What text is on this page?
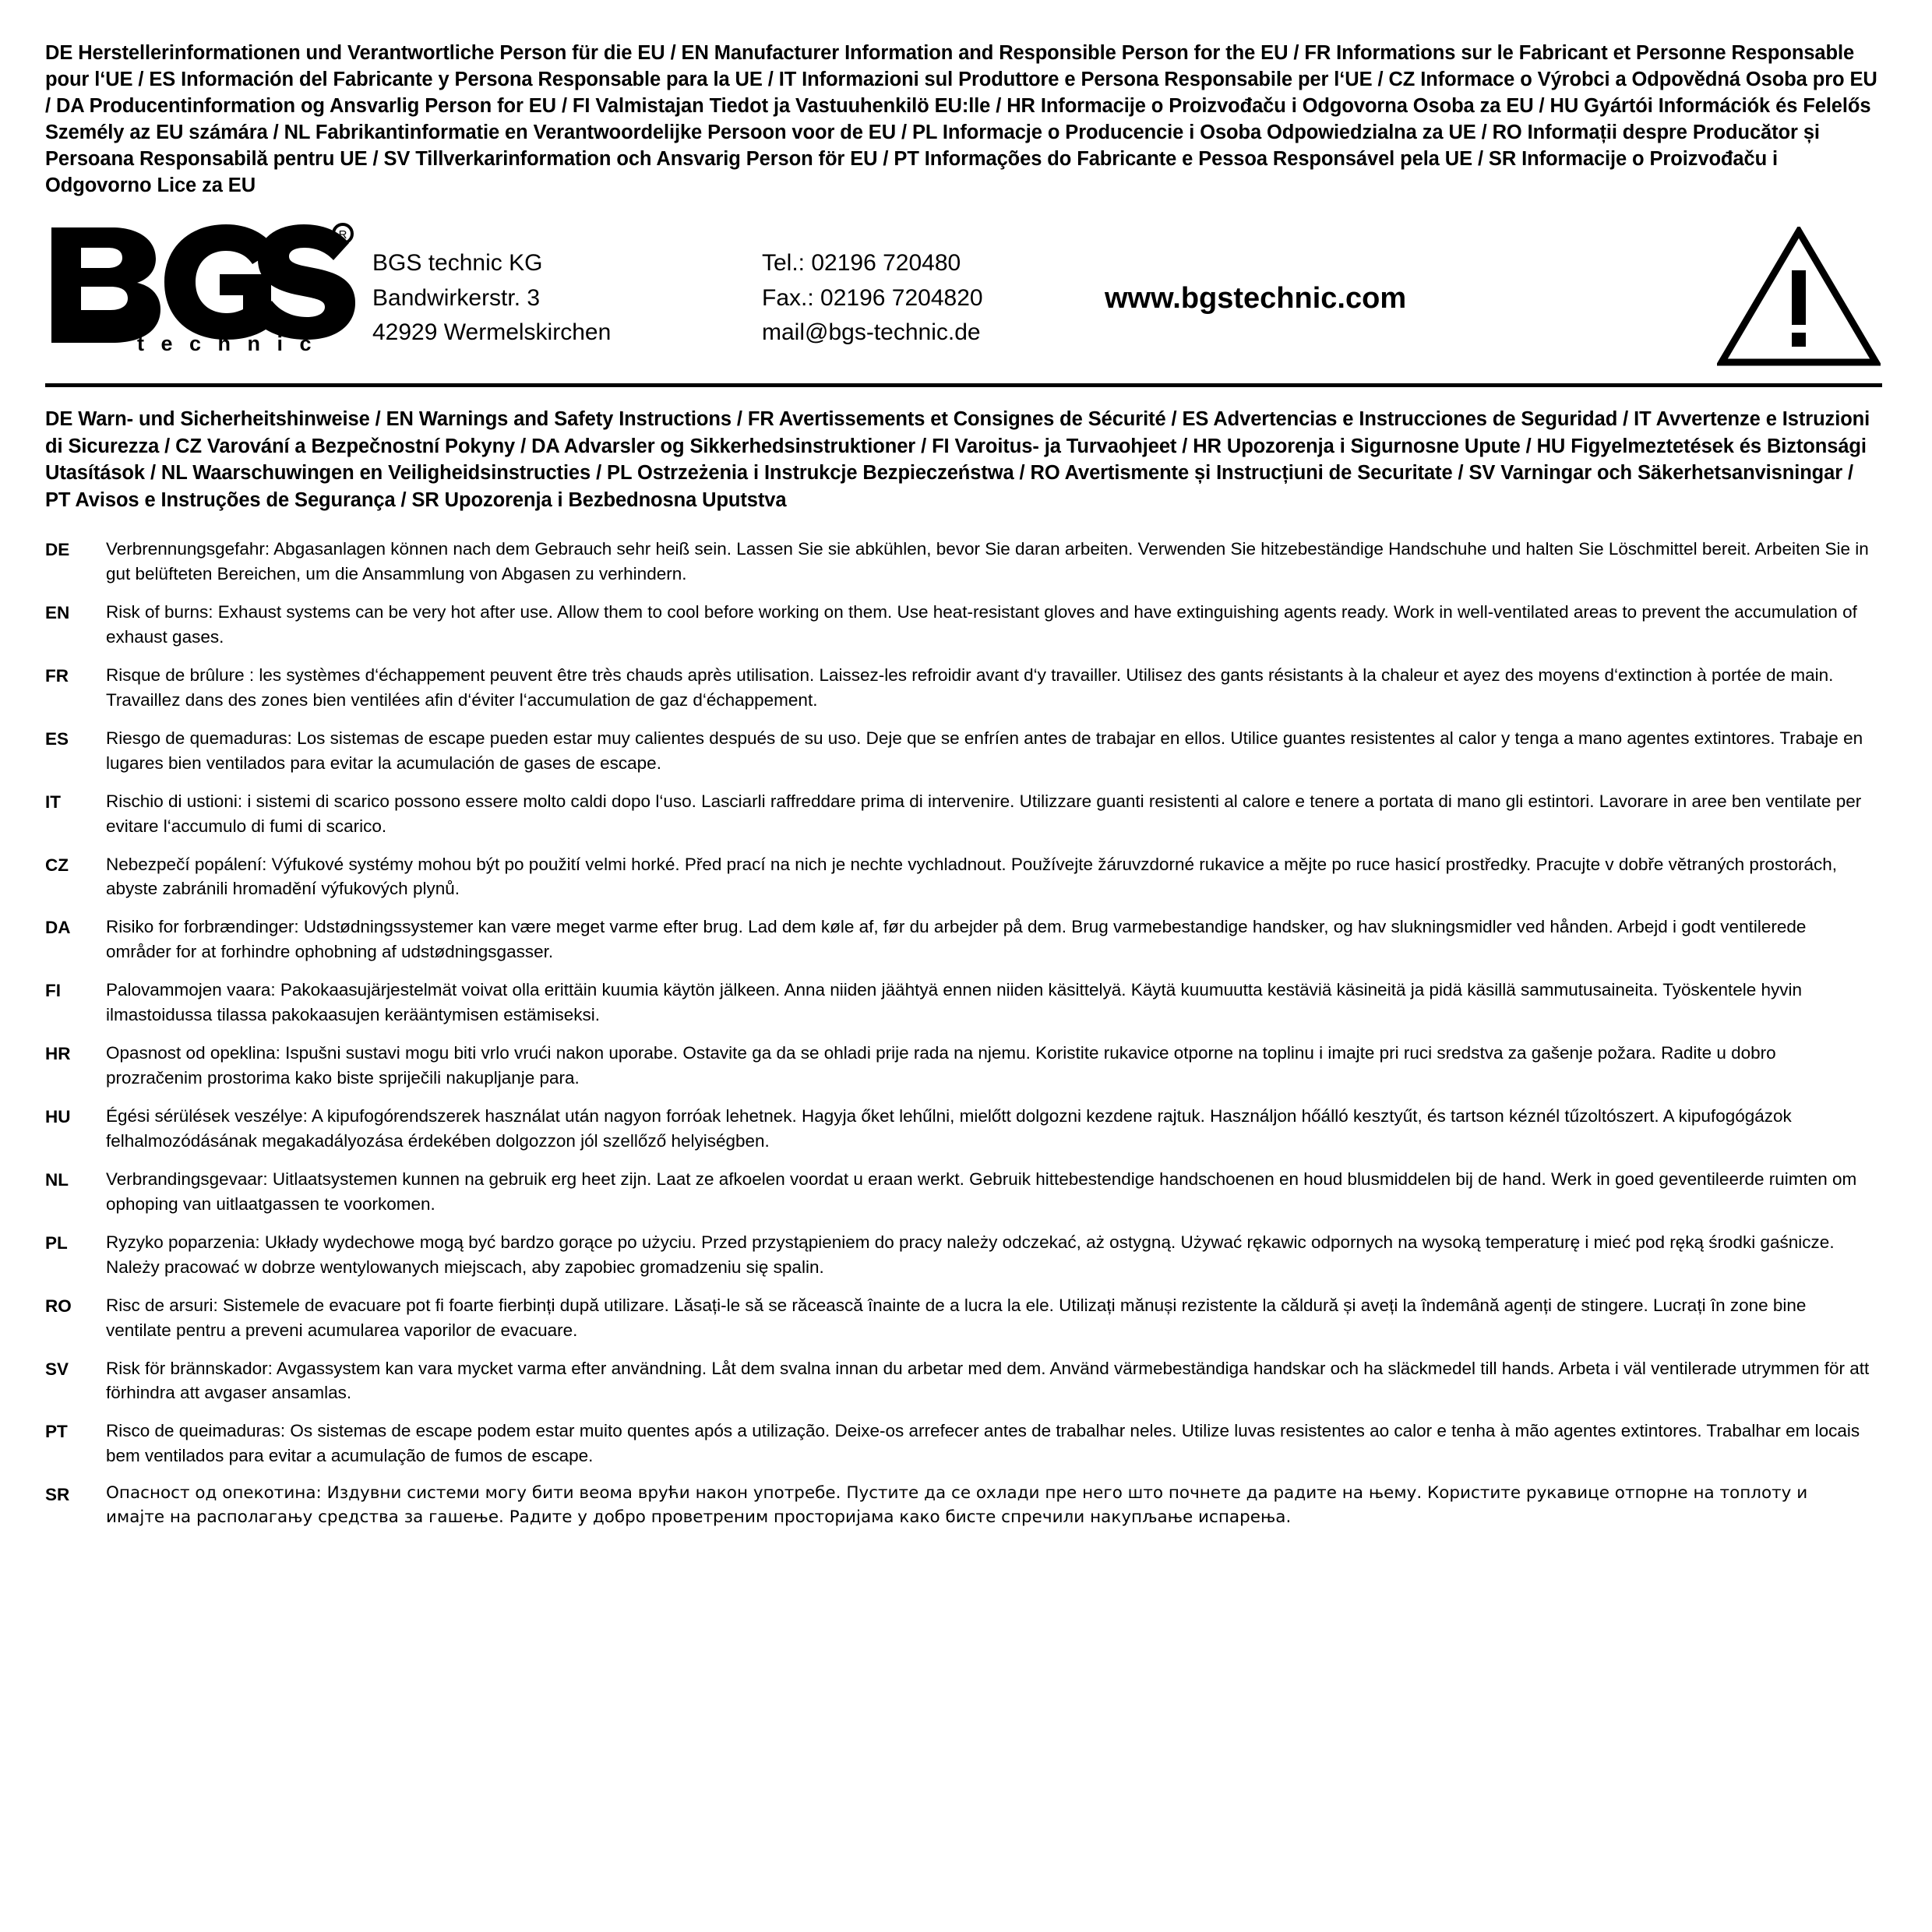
DE Herstellerinformationen und Verantwortliche Person für die EU / EN Manufacturer Information and Responsible Person for the EU / FR Informations sur le Fabricant et Personne Responsable pour l‘UE / ES Información del Fabricante y Persona Responsable para la UE / IT Informazioni sul Produttore e Persona Responsabile per l‘UE / CZ Informace o Výrobci a Odpovědná Osoba pro EU / DA Producentinformation og Ansvarlig Person for EU / FI Valmistajan Tiedot ja Vastuuhenkilö EU:lle / HR Informacije o Proizvođaču i Odgovorna Osoba za EU / HU Gyártói Információk és Felelős Személy az EU számára / NL Fabrikantinformatie en Verantwoordelijke Persoon voor de EU / PL Informacje o Producencie i Osoba Odpowiedzialna za UE / RO Informații despre Producător și Persoana Responsabilă pentru UE / SV Tillverkarinformation och Ansvarig Person för EU / PT Informações do Fabricante e Pessoa Responsável pela UE / SR Informacije o Proizvođaču i Odgovorno Lice za EU
R
t e c h n i c
BGS technic KG
Bandwirkerstr. 3
42929 Wermelskirchen
Tel.: 02196 720480
Fax.: 02196 7204820
mail@bgs-technic.de
www.bgstechnic.com
DE Warn- und Sicherheitshinweise / EN Warnings and Safety Instructions / FR Avertissements et Consignes de Sécurité / ES Advertencias e Instrucciones de Seguridad / IT Avvertenze e Istruzioni di Sicurezza / CZ Varování a Bezpečnostní Pokyny / DA Advarsler og Sikkerhedsinstruktioner / FI Varoitus- ja Turvaohjeet / HR Upozorenja i Sigurnosne Upute / HU Figyelmeztetések és Biztonsági Utasítások / NL Waarschuwingen en Veiligheidsinstructies / PL Ostrzeżenia i Instrukcje Bezpieczeństwa / RO Avertismente și Instrucțiuni de Securitate / SV Varningar och Säkerhetsanvisningar / PT Avisos e Instruções de Segurança / SR Upozorenja i Bezbednosna Uputstva
DE	Verbrennungsgefahr: Abgasanlagen können nach dem Gebrauch sehr heiß sein. Lassen Sie sie abkühlen, bevor Sie daran arbeiten. Verwenden Sie hitzebeständige Handschuhe und halten Sie Löschmittel bereit. Arbeiten Sie in gut belüfteten Bereichen, um die Ansammlung von Abgasen zu verhindern.
EN	Risk of burns: Exhaust systems can be very hot after use. Allow them to cool before working on them. Use heat-resistant gloves and have extinguishing agents ready. Work in well-ventilated areas to prevent the accumulation of exhaust gases.
FR	Risque de brûlure : les systèmes d‘échappement peuvent être très chauds après utilisation. Laissez-les refroidir avant d‘y travailler. Utilisez des gants résistants à la chaleur et ayez des moyens d‘extinction à portée de main. Travaillez dans des zones bien ventilées afin d‘éviter l‘accumulation de gaz d‘échappement.
ES	Riesgo de quemaduras: Los sistemas de escape pueden estar muy calientes después de su uso. Deje que se enfríen antes de trabajar en ellos. Utilice guantes resistentes al calor y tenga a mano agentes extintores. Trabaje en lugares bien ventilados para evitar la acumulación de gases de escape.
IT	Rischio di ustioni: i sistemi di scarico possono essere molto caldi dopo l‘uso. Lasciarli raffreddare prima di intervenire. Utilizzare guanti resistenti al calore e tenere a portata di mano gli estintori. Lavorare in aree ben ventilate per evitare l‘accumulo di fumi di scarico.
CZ	Nebezpečí popálení: Výfukové systémy mohou být po použití velmi horké. Před prací na nich je nechte vychladnout. Používejte žáruvzdorné rukavice a mějte po ruce hasicí prostředky. Pracujte v dobře větraných prostorách, abyste zabránili hromadění výfukových plynů.
DA	Risiko for forbrændinger: Udstødningssystemer kan være meget varme efter brug. Lad dem køle af, før du arbejder på dem. Brug varmebestandige handsker, og hav slukningsmidler ved hånden. Arbejd i godt ventilerede områder for at forhindre ophobning af udstødningsgasser.
FI	Palovammojen vaara: Pakokaasujärjestelmät voivat olla erittäin kuumia käytön jälkeen. Anna niiden jäähtyä ennen niiden käsittelyä. Käytä kuumuutta kestäviä käsineitä ja pidä käsillä sammutusaineita. Työskentele hyvin ilmastoidussa tilassa pakokaasujen kerääntymisen estämiseksi.
HR	Opasnost od opeklina: Ispušni sustavi mogu biti vrlo vrući nakon uporabe. Ostavite ga da se ohladi prije rada na njemu. Koristite rukavice otporne na toplinu i imajte pri ruci sredstva za gašenje požara. Radite u dobro prozračenim prostorima kako biste spriječili nakupljanje para.
HU	Égési sérülések veszélye: A kipufogórendszerek használat után nagyon forróak lehetnek. Hagyja őket lehűlni, mielőtt dolgozni kezdene rajtuk. Használjon hőálló kesztyűt, és tartson kéznél tűzoltószert. A kipufogógázok felhalmozódásának megakadályozása érdekében dolgozzon jól szellőző helyiségben.
NL	Verbrandingsgevaar: Uitlaatsystemen kunnen na gebruik erg heet zijn. Laat ze afkoelen voordat u eraan werkt. Gebruik hittebestendige handschoenen en houd blusmiddelen bij de hand. Werk in goed geventileerde ruimten om ophoping van uitlaatgassen te voorkomen.
PL	Ryzyko poparzenia: Układy wydechowe mogą być bardzo gorące po użyciu. Przed przystąpieniem do pracy należy odczekać, aż ostygną. Używać rękawic odpornych na wysoką temperaturę i mieć pod ręką środki gaśnicze. Należy pracować w dobrze wentylowanych miejscach, aby zapobiec gromadzeniu się spalin.
RO	Risc de arsuri: Sistemele de evacuare pot fi foarte fierbinți după utilizare. Lăsați-le să se răcească înainte de a lucra la ele. Utilizați mănuși rezistente la căldură și aveți la îndemână agenți de stingere. Lucrați în zone bine ventilate pentru a preveni acumularea vaporilor de evacuare.
SV	Risk för brännskador: Avgassystem kan vara mycket varma efter användning. Låt dem svalna innan du arbetar med dem. Använd värmebeständiga handskar och ha släckmedel till hands. Arbeta i väl ventilerade utrymmen för att förhindra att avgaser ansamlas.
PT	Risco de queimaduras: Os sistemas de escape podem estar muito quentes após a utilização. Deixe-os arrefecer antes de trabalhar neles. Utilize luvas resistentes ao calor e tenha à mão agentes extintores. Trabalhar em locais bem ventilados para evitar a acumulação de fumos de escape.
SR	Опасност од опекотина: Издувни системи могу бити веома врући након употребе. Пустите да се охлади пре него што почнете да радите на њему. Користите рукавице отпорне на топлоту и имајте на располагању средства за гашење. Радите у добро проветреним просторијама како бисте спречили накупљање испарења.
